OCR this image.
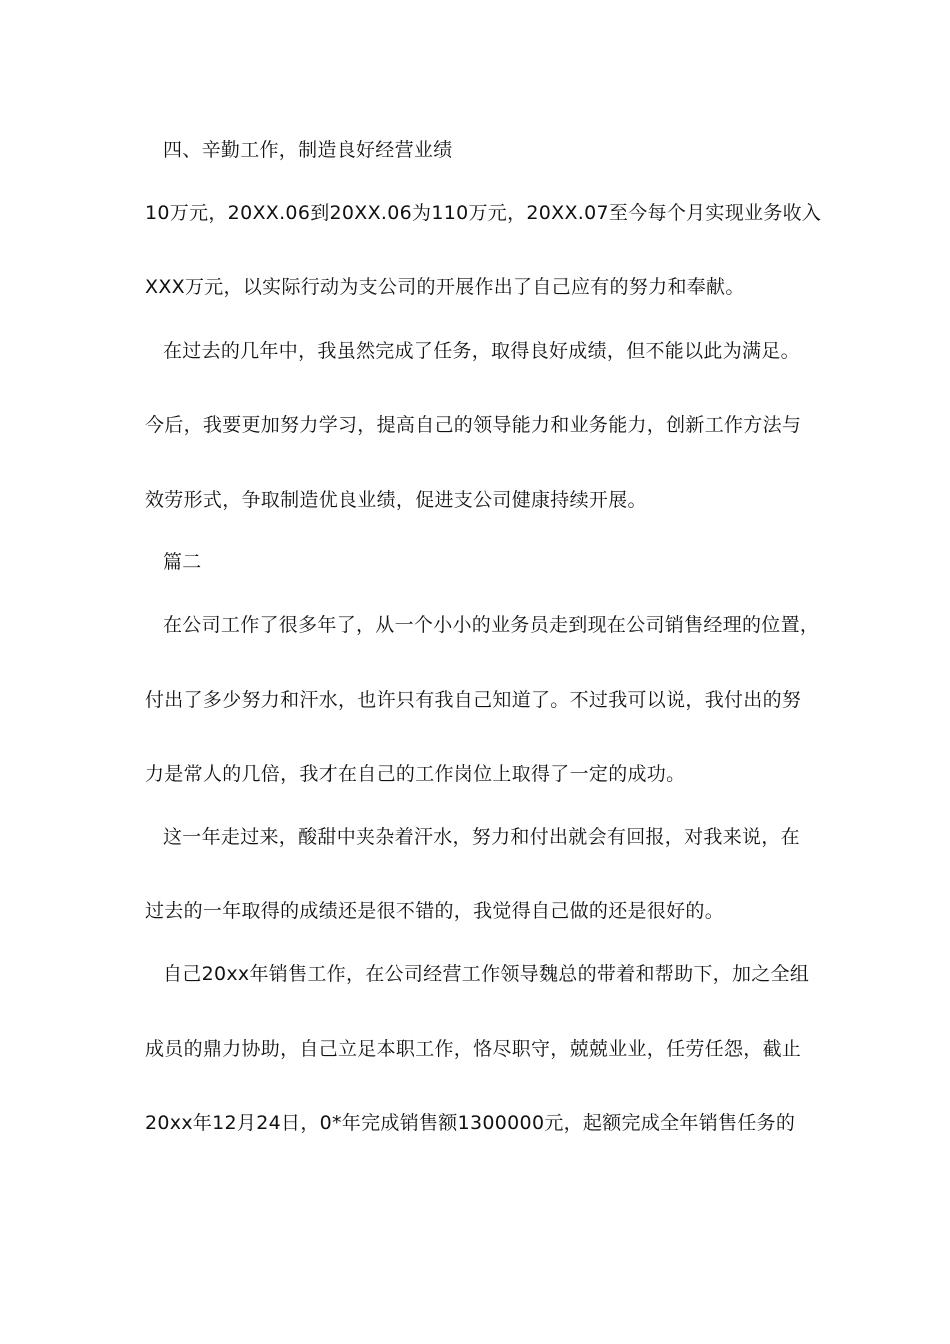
四、辛勤工作，制造良好经营业绩
10万元，20XX.06到20XX.06为110万元，20XX.07至今每个月实现业务收入
XXX万元，以实际行动为支公司的开展作出了自己应有的努力和奉献。
在过去的几年中，我虽然完成了任务，取得良好成绩，但不能以此为满足。
今后，我要更加努力学习，提高自己的领导能力和业务能力，创新工作方法与
效劳形式，争取制造优良业绩，促进支公司健康持续开展。
篇二
在公司工作了很多年了，从一个小小的业务员走到现在公司销售经理的位置，
付出了多少努力和汗水，也许只有我自己知道了。不过我可以说，我付出的努
力是常人的几倍，我才在自己的工作岗位上取得了一定的成功。
这一年走过来，酸甜中夹杂着汗水，努力和付出就会有回报，对我来说，在
过去的一年取得的成绩还是很不错的，我觉得自己做的还是很好的。
自己20xx年销售工作，在公司经营工作领导魏总的带着和帮助下，加之全组
成员的鼎力协助，自己立足本职工作，恪尽职守，兢兢业业，任劳任怨，截止
20xx年12月24日，0*年完成销售额1300000元，起额完成全年销售任务的
